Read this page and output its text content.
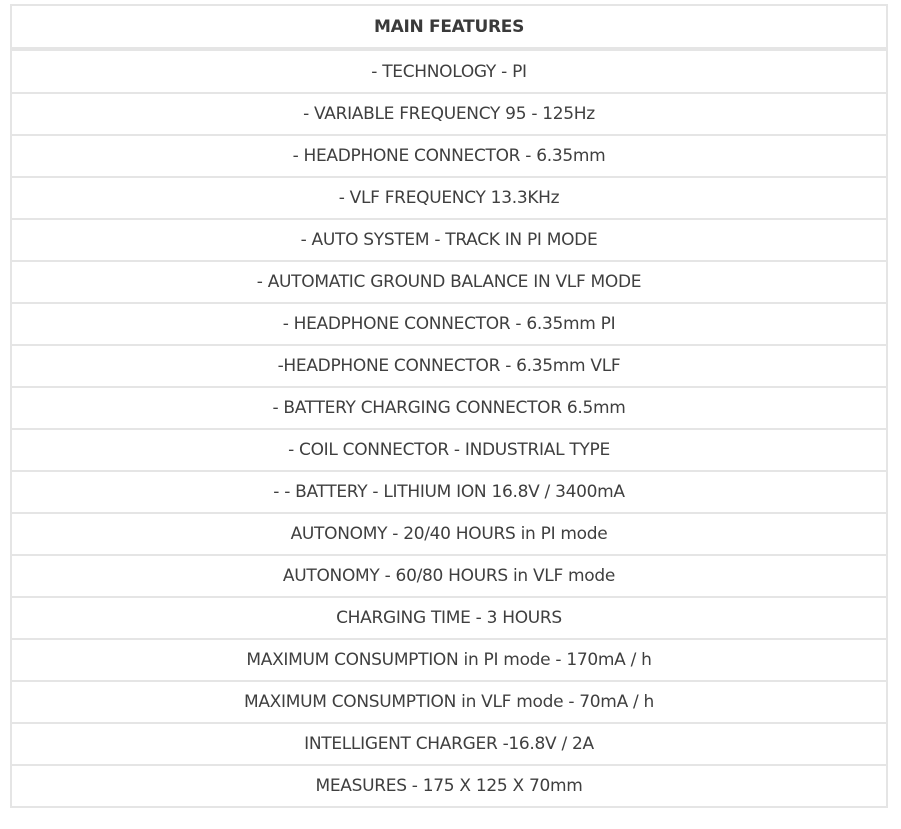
MAIN FEATURES
- TECHNOLOGY - PI
- VARIABLE FREQUENCY 95 - 125Hz
- HEADPHONE CONNECTOR - 6.35mm
- VLF FREQUENCY 13.3KHz
- AUTO SYSTEM - TRACK IN PI MODE
- AUTOMATIC GROUND BALANCE IN VLF MODE
- HEADPHONE CONNECTOR - 6.35mm PI
-HEADPHONE CONNECTOR - 6.35mm VLF
- BATTERY CHARGING CONNECTOR 6.5mm
- COIL CONNECTOR - INDUSTRIAL TYPE
- - BATTERY - LITHIUM ION 16.8V / 3400mA
AUTONOMY - 20/40 HOURS in PI mode
AUTONOMY - 60/80 HOURS in VLF mode
CHARGING TIME - 3 HOURS
MAXIMUM CONSUMPTION in PI mode - 170mA / h
MAXIMUM CONSUMPTION in VLF mode - 70mA / h
INTELLIGENT CHARGER -16.8V / 2A
MEASURES - 175 X 125 X 70mm
